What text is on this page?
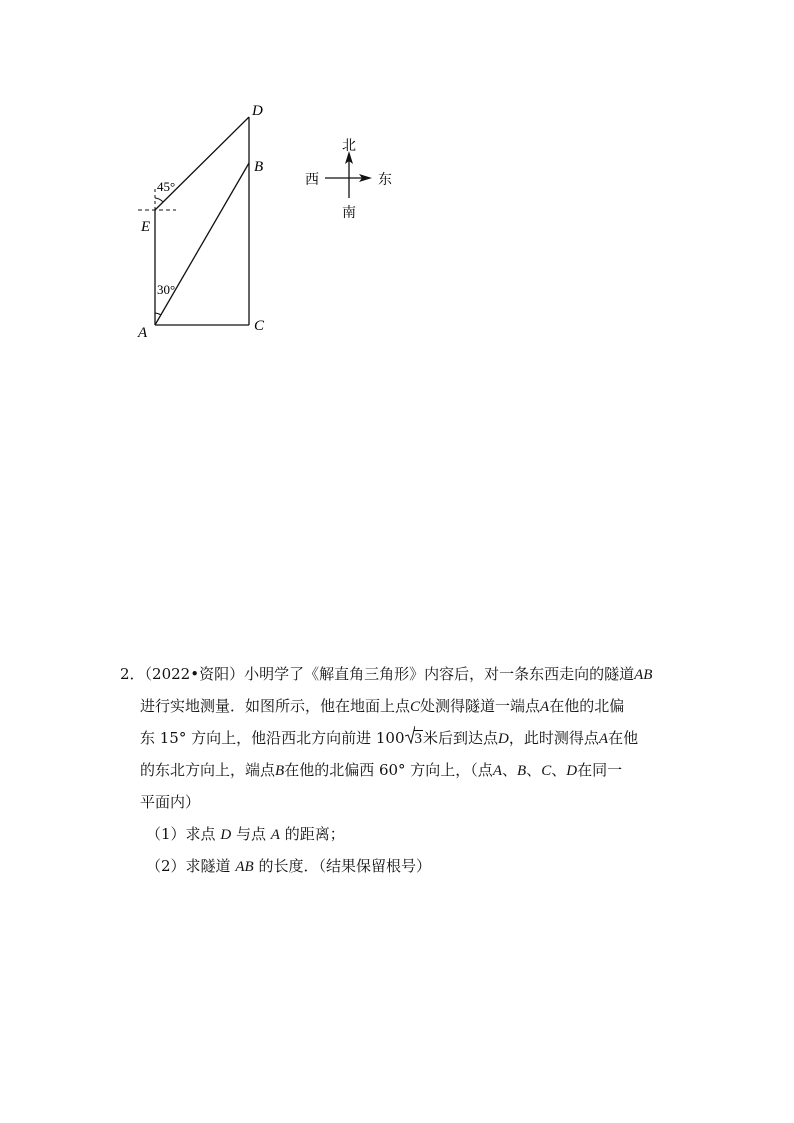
D
B
E
A	C
45°
30°
北
南
西	东
2．（2022•资阳）小明学了《解直角三角形》内容后，对一条东西走向的隧道AB
进行实地测量．如图所示，他在地面上点C处测得隧道一端点A在他的北偏
东 15° 方向上，他沿西北方向前进 100 3米后到达点D，此时测得点A在他
的东北方向上，端点B在他的北偏西 60° 方向上，（点A、B、C、D在同一
平面内）
（1）求点 D 与点 A 的距离；
（2）求隧道 AB 的长度．（结果保留根号）
